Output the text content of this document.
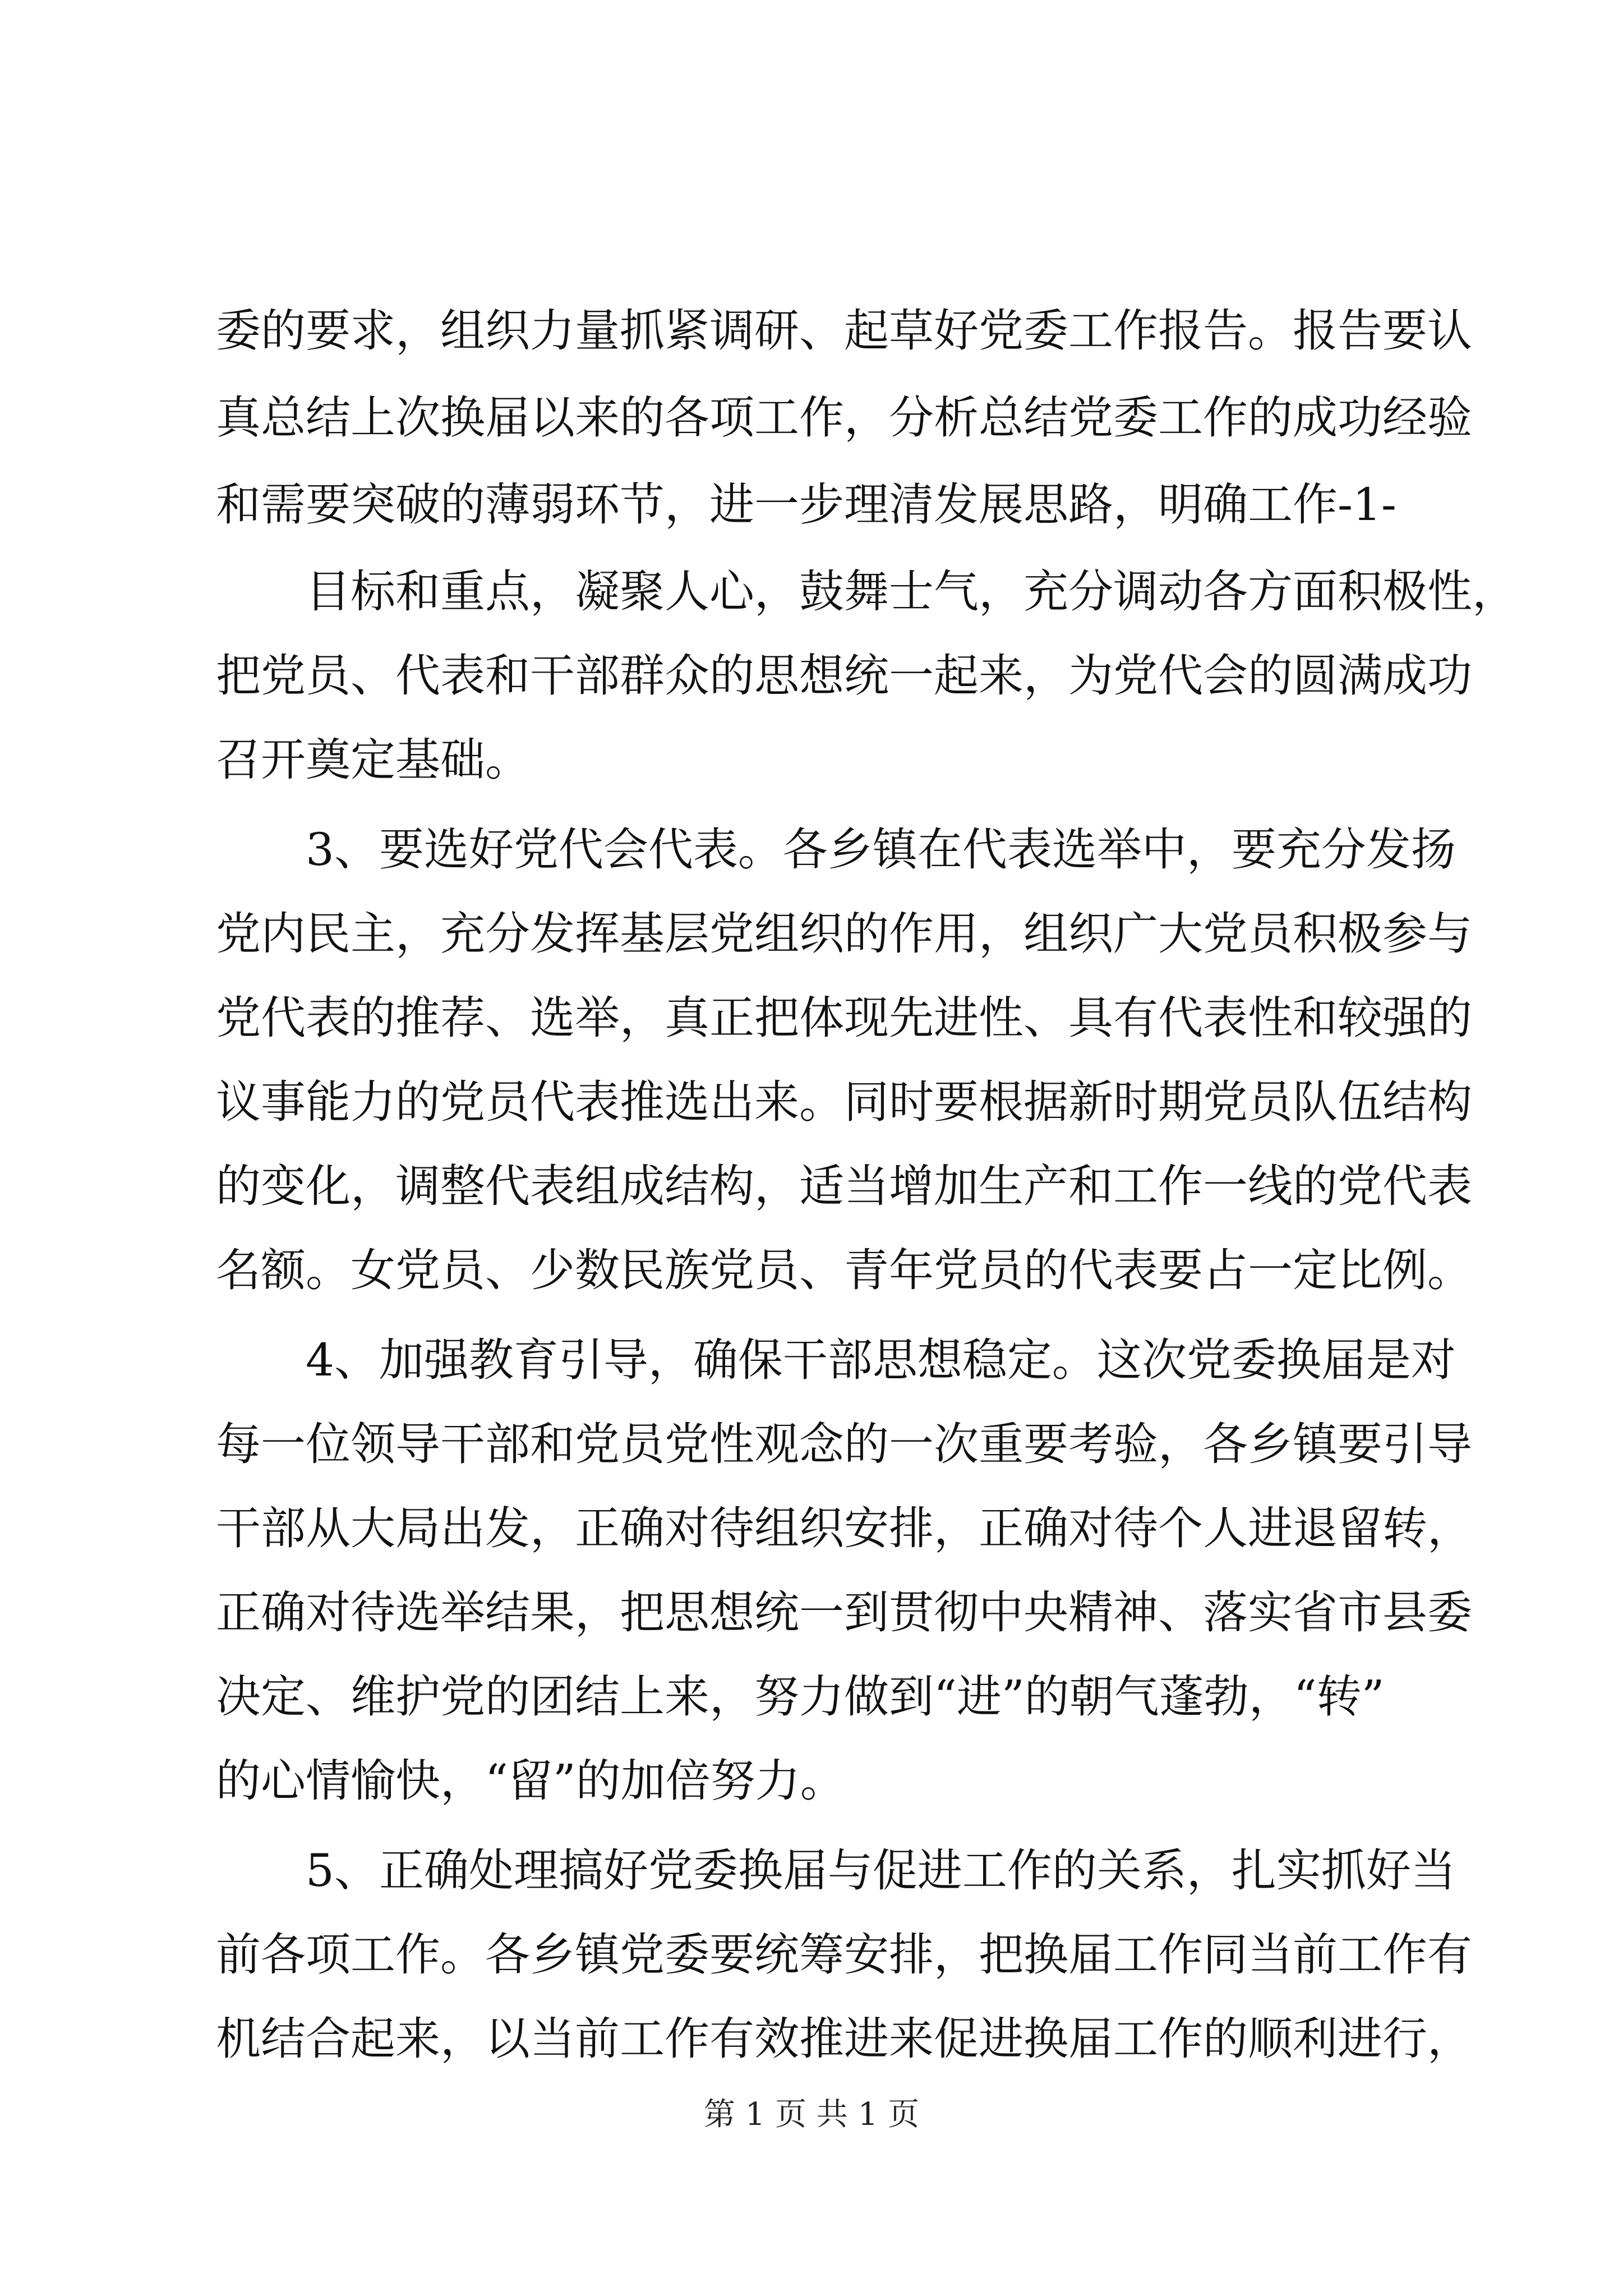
委的要求，组织力量抓紧调研、起草好党委工作报告。报告要认
真总结上次换届以来的各项工作，分析总结党委工作的成功经验
和需要突破的薄弱环节，进一步理清发展思路，明确工作-1-
目标和重点，凝聚人心，鼓舞士气，充分调动各方面积极性，
把党员、代表和干部群众的思想统一起来，为党代会的圆满成功
召开奠定基础。
3、要选好党代会代表。各乡镇在代表选举中，要充分发扬
党内民主，充分发挥基层党组织的作用，组织广大党员积极参与
党代表的推荐、选举，真正把体现先进性、具有代表性和较强的
议事能力的党员代表推选出来。同时要根据新时期党员队伍结构
的变化，调整代表组成结构，适当增加生产和工作一线的党代表
名额。女党员、少数民族党员、青年党员的代表要占一定比例。
4、加强教育引导，确保干部思想稳定。这次党委换届是对
每一位领导干部和党员党性观念的一次重要考验，各乡镇要引导
干部从大局出发，正确对待组织安排，正确对待个人进退留转，
正确对待选举结果，把思想统一到贯彻中央精神、落实省市县委
决定、维护党的团结上来，努力做到“进”的朝气蓬勃，“转”
的心情愉快，“留”的加倍努力。
5、正确处理搞好党委换届与促进工作的关系，扎实抓好当
前各项工作。各乡镇党委要统筹安排，把换届工作同当前工作有
机结合起来，以当前工作有效推进来促进换届工作的顺利进行，
第 1 页 共 1 页
